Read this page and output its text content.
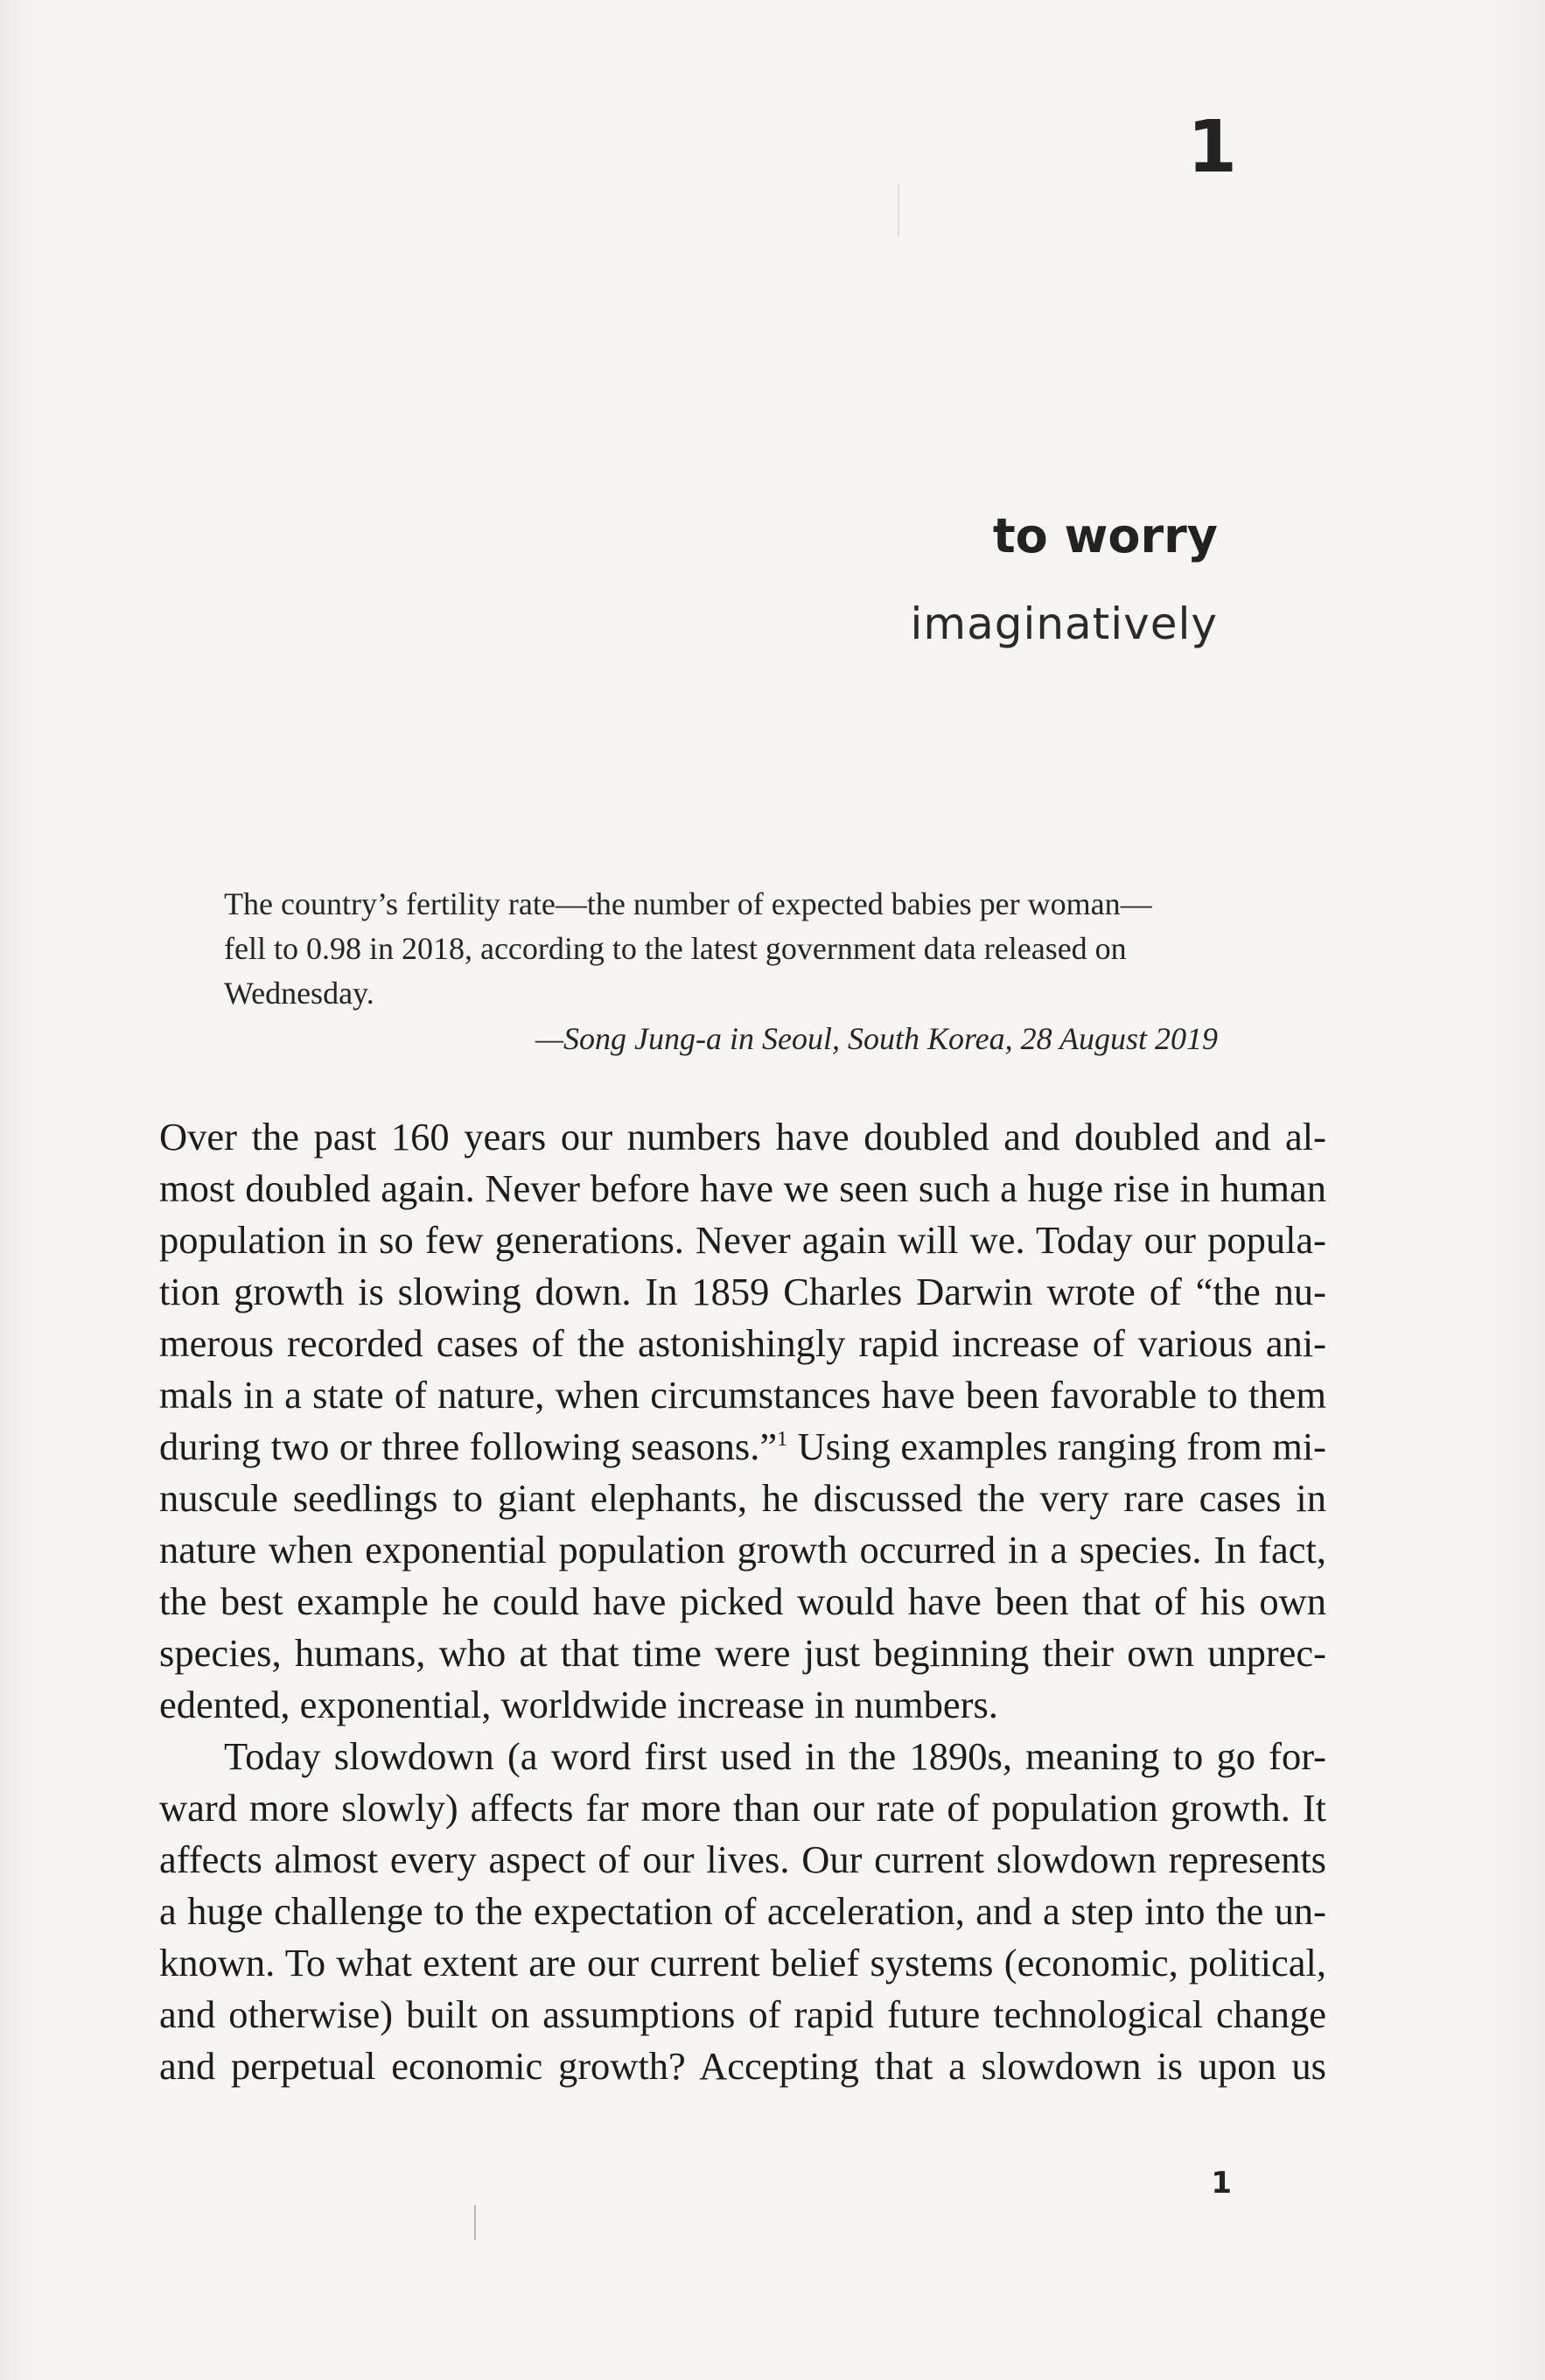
1
to worry
imaginatively

The country’s fertility rate—the number of expected babies per woman—

fell to 0.98 in 2018, according to the latest government data released on

Wednesday.

—Song Jung-a in Seoul, South Korea, 28 August 2019

Over the past 160 years our numbers have doubled and doubled and al-
most doubled again. Never before have we seen such a huge rise in human
population in so few generations. Never again will we. Today our popula-
tion growth is slowing down. In 1859 Charles Darwin wrote of “the nu-
merous recorded cases of the astonishingly rapid increase of various ani-
mals in a state of nature, when circumstances have been favorable to them
during two or three following seasons.”$^1$ Using examples ranging from mi-
nuscule seedlings to giant elephants, he discussed the very rare cases in
nature when exponential population growth occurred in a species. In fact,
the best example he could have picked would have been that of his own
species, humans, who at that time were just beginning their own unprec-
edented, exponential, worldwide increase in numbers.
Today slowdown (a word first used in the 1890s, meaning to go for-
ward more slowly) affects far more than our rate of population growth. It
affects almost every aspect of our lives. Our current slowdown represents
a huge challenge to the expectation of acceleration, and a step into the un-
known. To what extent are our current belief systems (economic, political,
and otherwise) built on assumptions of rapid future technological change
and perpetual economic growth? Accepting that a slowdown is upon us
1
